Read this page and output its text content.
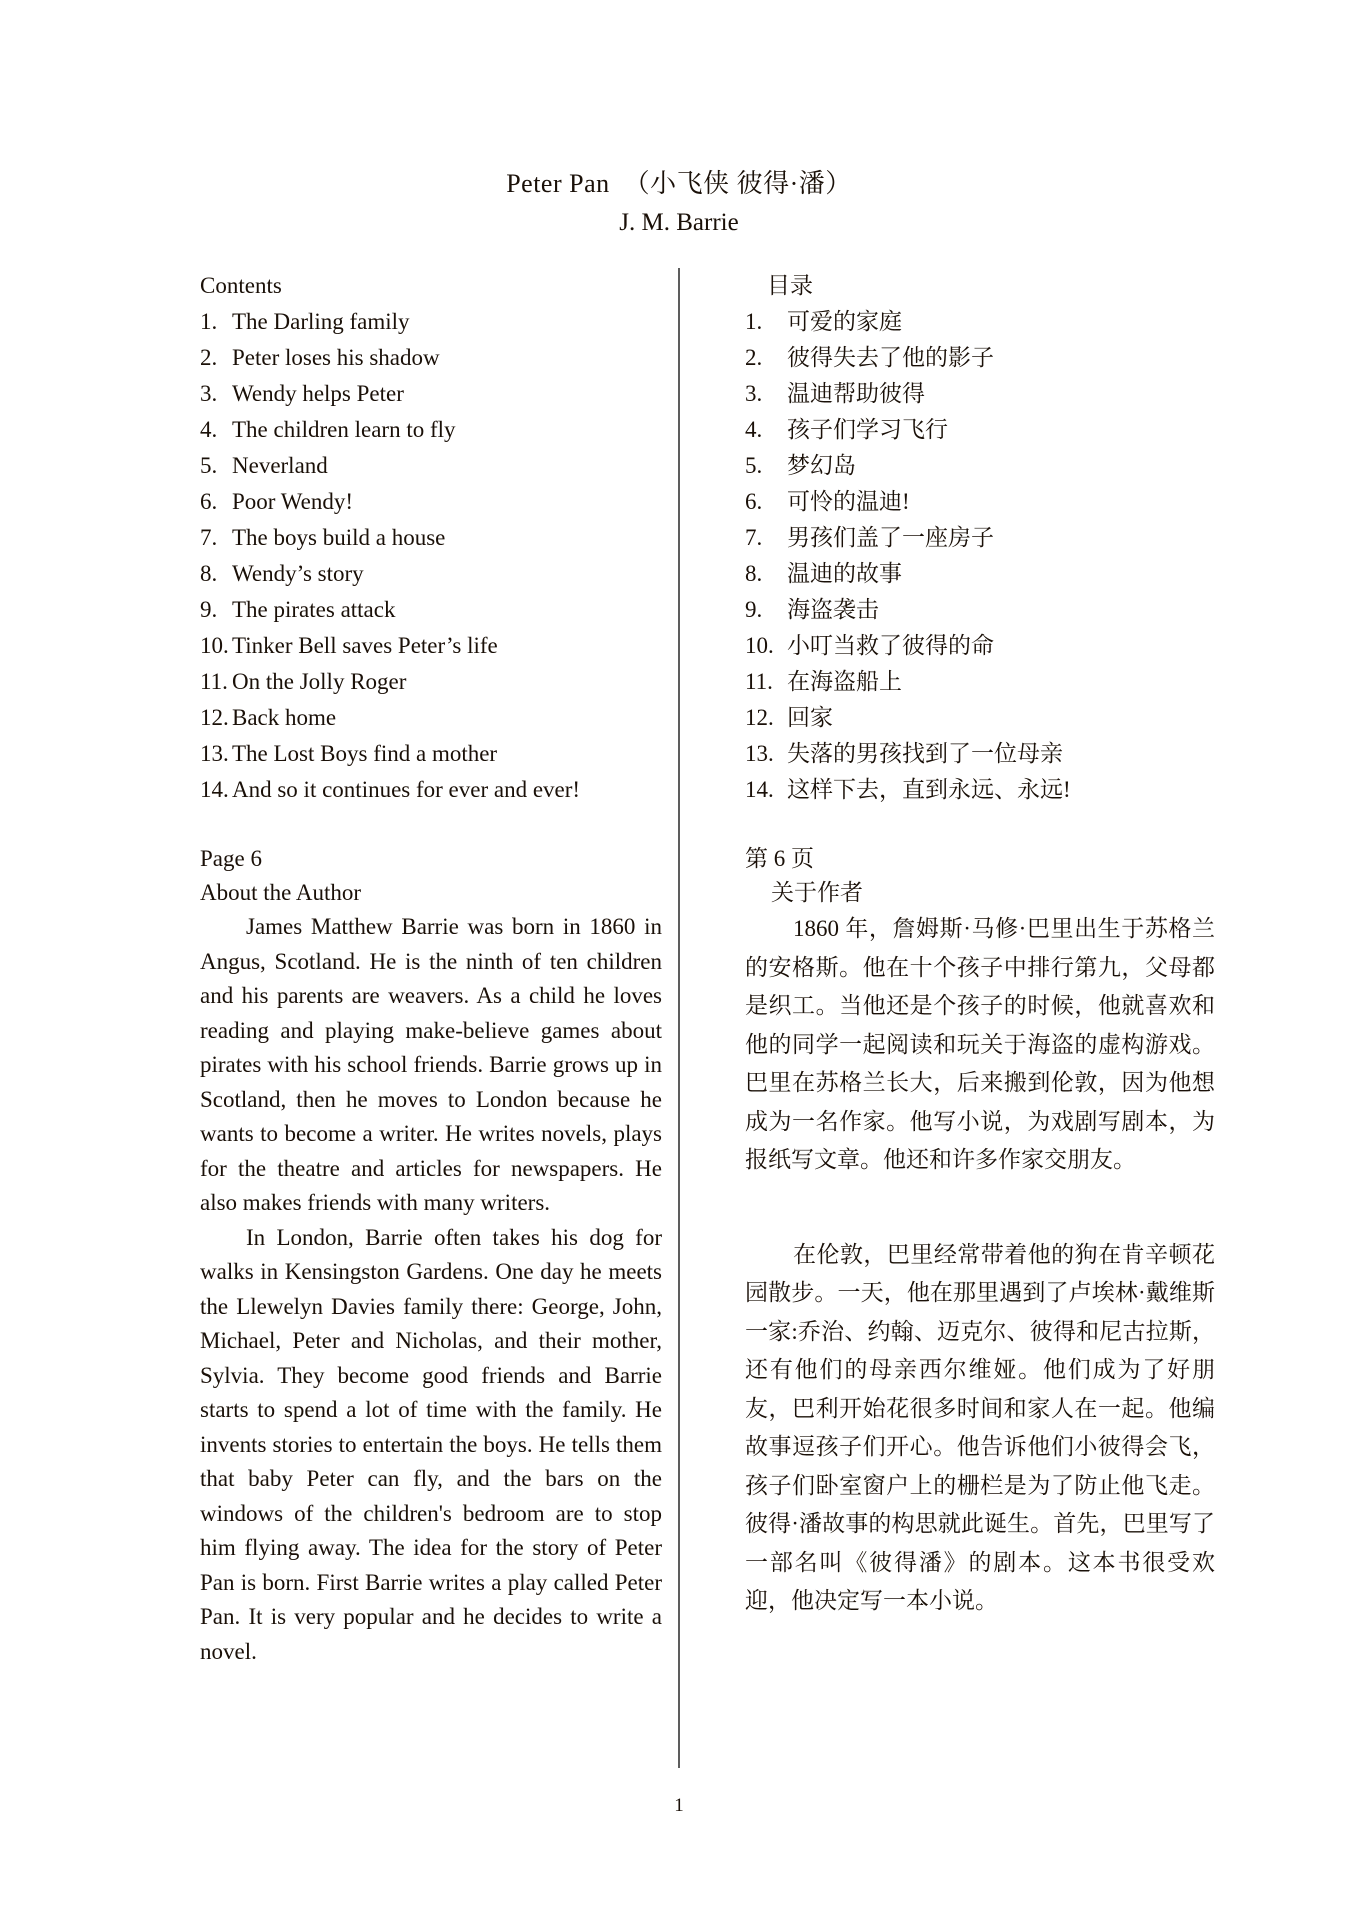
Peter Pan  （小飞侠 彼得·潘）
J. M. Barrie
Contents
1. The Darling family
2. Peter loses his shadow
3. Wendy helps Peter
4. The children learn to fly
5. Neverland
6. Poor Wendy!
7. The boys build a house
8. Wendy’s story
9. The pirates attack
10. Tinker Bell saves Peter’s life
11. On the Jolly Roger
12. Back home
13. The Lost Boys find a mother
14. And so it continues for ever and ever!
Page 6
About the Author

James Matthew Barrie was born in 1860 in Angus, Scotland. He is the ninth of ten children and his parents are weavers. As a child he loves reading and playing make-believe games about pirates with his school friends. Barrie grows up in Scotland, then he moves to London because he wants to become a writer. He writes novels, plays for the theatre and articles for newspapers. He also makes friends with many writers.

In London, Barrie often takes his dog for walks in Kensingston Gardens. One day he meets the Llewelyn Davies family there: George, John, Michael, Peter and Nicholas, and their mother, Sylvia. They become good friends and Barrie starts to spend a lot of time with the family. He invents stories to entertain the boys. He tells them that baby Peter can fly, and the bars on the windows of the children's bedroom are to stop him flying away. The idea for the story of Peter Pan is born. First Barrie writes a play called Peter Pan. It is very popular and he decides to write a novel.

目录
1.	可爱的家庭
2.	彼得失去了他的影子
3.	温迪帮助彼得
4.	孩子们学习飞行
5.	梦幻岛
6.	可怜的温迪!
7.	男孩们盖了一座房子
8.	温迪的故事
9.	海盗袭击
10. 小叮当救了彼得的命
11. 在海盗船上
12. 回家
13. 失落的男孩找到了一位母亲
14. 这样下去，直到永远、永远!
第 6 页
关于作者

1860 年，詹姆斯·马修·巴里出生于苏格兰的安格斯。他在十个孩子中排行第九，父母都是织工。当他还是个孩子的时候，他就喜欢和他的同学一起阅读和玩关于海盗的虚构游戏。巴里在苏格兰长大，后来搬到伦敦，因为他想成为一名作家。他写小说，为戏剧写剧本，为报纸写文章。他还和许多作家交朋友。

在伦敦，巴里经常带着他的狗在肯辛顿花园散步。一天，他在那里遇到了卢埃林·戴维斯一家:乔治、约翰、迈克尔、彼得和尼古拉斯，还有他们的母亲西尔维娅。他们成为了好朋友，巴利开始花很多时间和家人在一起。他编故事逗孩子们开心。他告诉他们小彼得会飞，孩子们卧室窗户上的栅栏是为了防止他飞走。彼得·潘故事的构思就此诞生。首先，巴里写了一部名叫《彼得潘》的剧本。这本书很受欢迎，他决定写一本小说。

1
